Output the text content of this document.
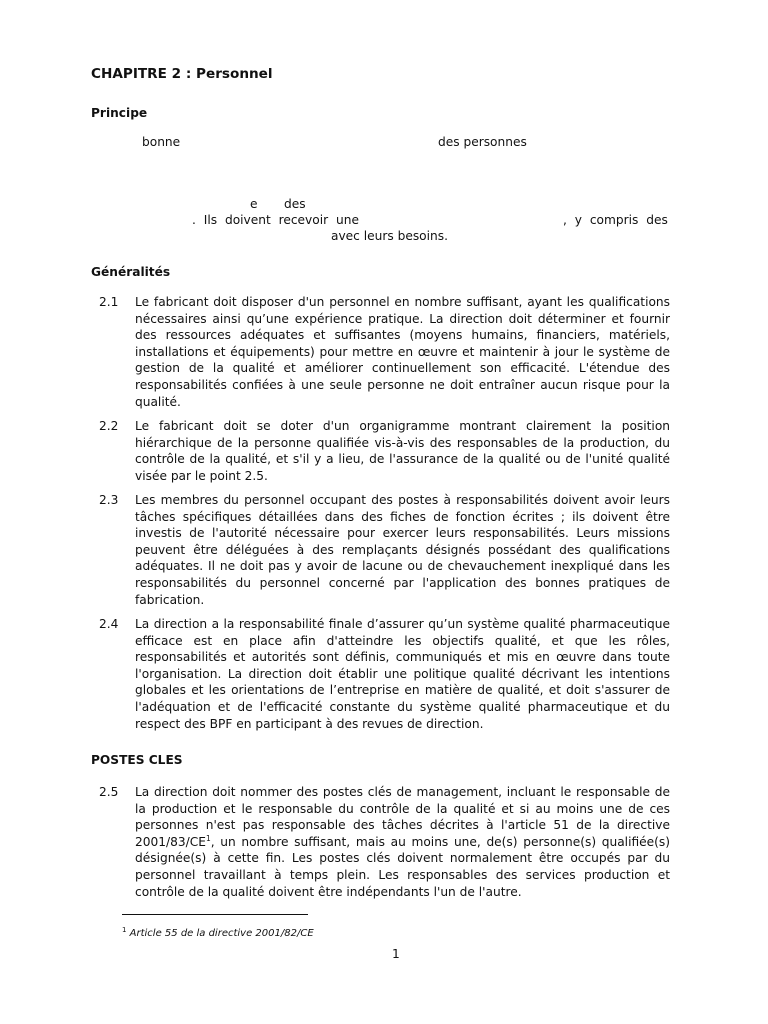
CHAPITRE 2 : Personnel
Principe
bonne	des personnes
e des
. Ils doivent recevoir une	, y compris des
avec leurs besoins.
Généralités
2.1 Le fabricant doit disposer d'un personnel en nombre suffisant, ayant les qualifications nécessaires ainsi qu’une expérience pratique. La direction doit déterminer et fournir des ressources adéquates et suffisantes (moyens humains, financiers, matériels, installations et équipements) pour mettre en œuvre et maintenir à jour le système de gestion de la qualité et améliorer continuellement son efficacité. L'étendue des responsabilités confiées à une seule personne ne doit entraîner aucun risque pour la qualité.
2.2 Le fabricant doit se doter d'un organigramme montrant clairement la position hiérarchique de la personne qualifiée vis-à-vis des responsables de la production, du contrôle de la qualité, et s'il y a lieu, de l'assurance de la qualité ou de l'unité qualité visée par le point 2.5.
2.3 Les membres du personnel occupant des postes à responsabilités doivent avoir leurs tâches spécifiques détaillées dans des fiches de fonction écrites ; ils doivent être investis de l'autorité nécessaire pour exercer leurs responsabilités. Leurs missions peuvent être déléguées à des remplaçants désignés possédant des qualifications adéquates. Il ne doit pas y avoir de lacune ou de chevauchement inexpliqué dans les responsabilités du personnel concerné par l'application des bonnes pratiques de fabrication.
2.4 La direction a la responsabilité finale d’assurer qu’un système qualité pharmaceutique efficace est en place afin d'atteindre les objectifs qualité, et que les rôles, responsabilités et autorités sont définis, communiqués et mis en œuvre dans toute l'organisation. La direction doit établir une politique qualité décrivant les intentions globales et les orientations de l’entreprise en matière de qualité, et doit s'assurer de l'adéquation et de l'efficacité constante du système qualité pharmaceutique et du respect des BPF en participant à des revues de direction.
POSTES CLES
2.5 La direction doit nommer des postes clés de management, incluant le responsable de la production et le responsable du contrôle de la qualité et si au moins une de ces personnes n'est pas responsable des tâches décrites à l'article 51 de la directive 2001/83/CE$^1$, un nombre suffisant, mais au moins une, de(s) personne(s) qualifiée(s) désignée(s) à cette fin. Les postes clés doivent normalement être occupés par du personnel travaillant à temps plein. Les responsables des services production et contrôle de la qualité doivent être indépendants l'un de l'autre.
$^1$ Article 55 de la directive 2001/82/CE
1
